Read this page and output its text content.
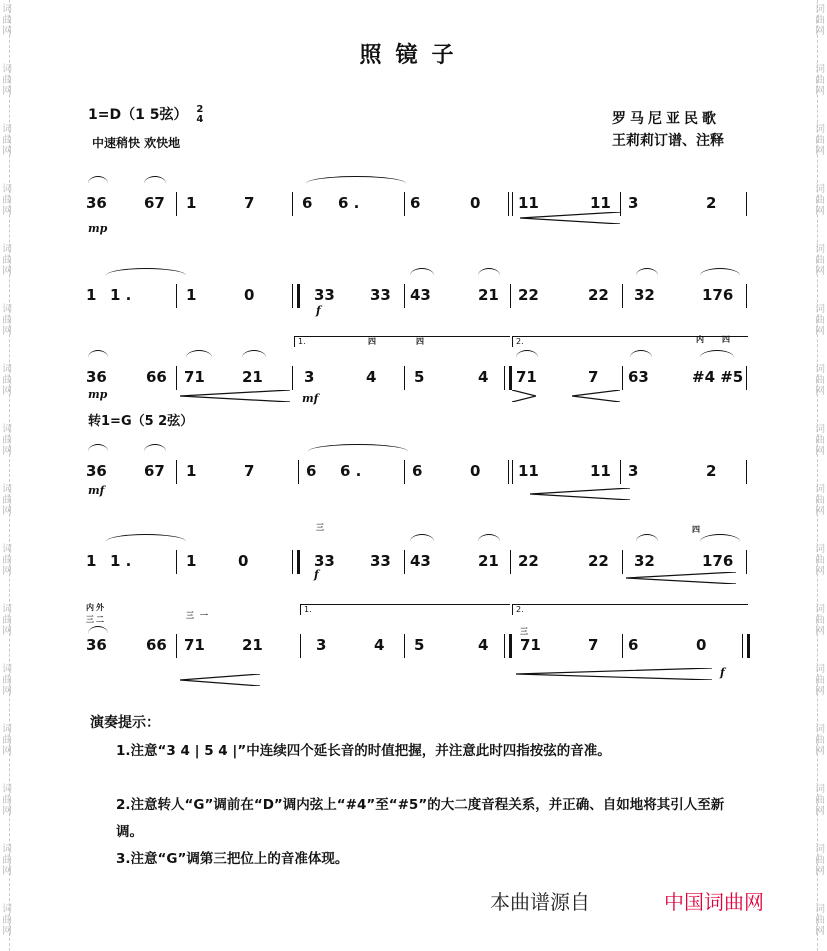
词
曲
网
词
曲
网
词
曲
网
词
曲
网
词
曲
网
词
曲
网
词
曲
网
词
曲
网
词
曲
网
词
曲
网
词
曲
网
词
曲
网
词
曲
网
词
曲
网
词
曲
网
词
曲
网
词
曲
网
词
曲
网
词
曲
网
词
曲
网
词
曲
网
词
曲
网
词
曲
网
词
曲
网
词
曲
网
词
曲
网
词
曲
网
词
曲
网
词
曲
网
词
曲
网
词
曲
网
词
曲
网
照镜子
1=D（1 5弦） 2
4
中速稍快 欢快地
罗马尼亚民歌
王莉莉订谱、注释
36 67 1	7	6 6 .	6	0	11	11 3	2
mp
1 1 .	1	0	33 33 43	21 22	22 32	176
f
1.	2.
36	66 71 21	3	4	5	4 71	7 63	#4 #5
内 四
四	四
mp	mf
转1=G（5 2弦）
36 67 1	7	6 6 .	6	0	11	11 3	2
mf
1 1 .	1	0	33 33 43	21 22	22 32	176
三	四
f
1.	2.
内 外
三 二	三 一
三
36	66 71 21	3	4 5	4 71	7 6	0
f
演奏提示：
1.注意“3 4 | 5 4 |”中连续四个延长音的时值把握，并注意此时四指按弦的音准。
2.注意转人“G”调前在“D”调内弦上“#4”至“#5”的大二度音程关系，并正确、自如地将其引人至新调。
3.注意“G”调第三把位上的音准体现。
本曲谱源自	中国词曲网
